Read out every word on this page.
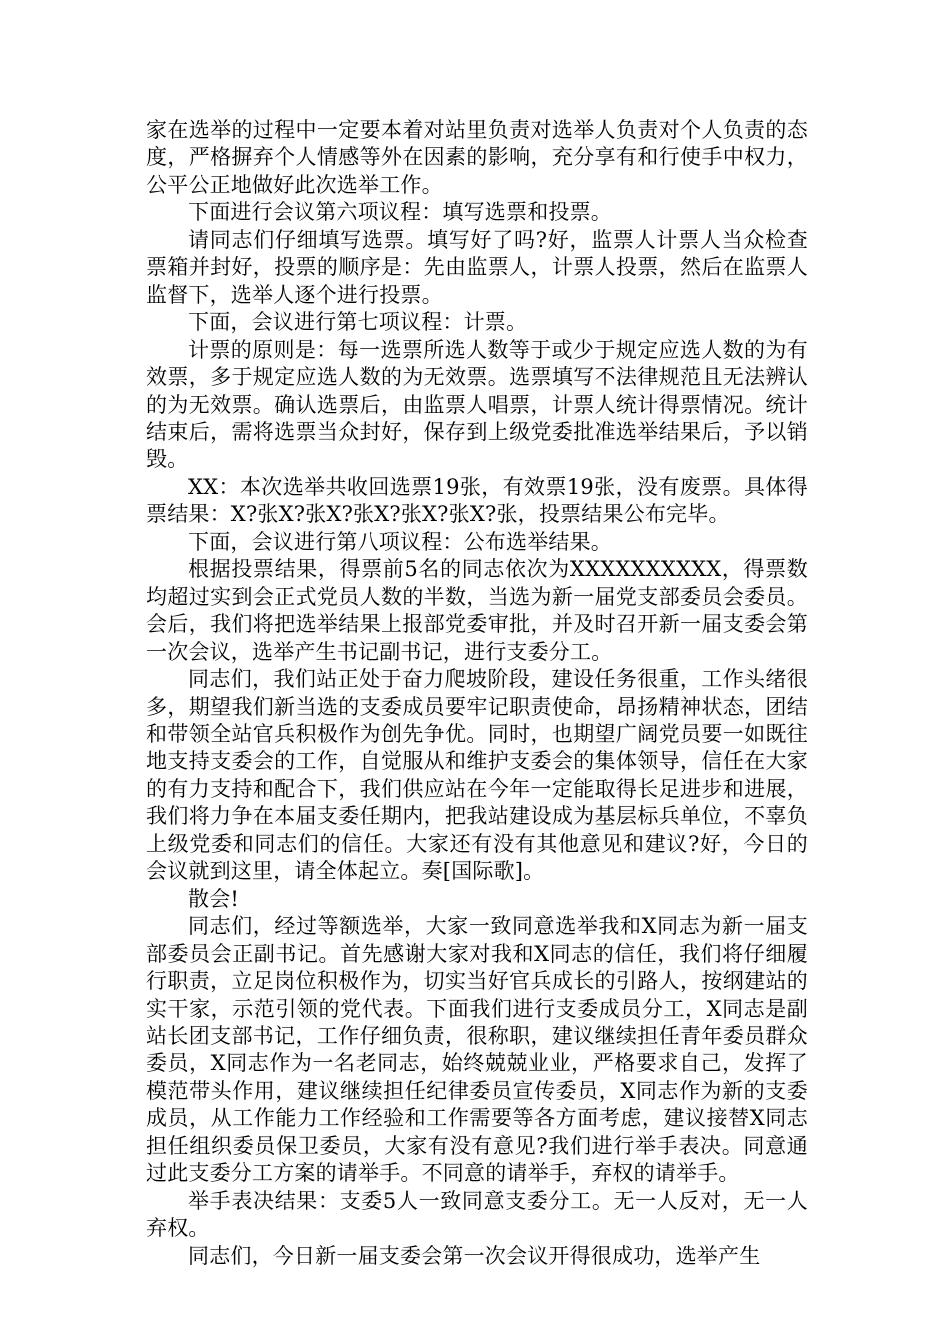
家在选举的过程中一定要本着对站里负责对选举人负责对个人负责的态度，严格摒弃个人情感等外在因素的影响，充分享有和行使手中权力，公平公正地做好此次选举工作。

下面进行会议第六项议程：填写选票和投票。

请同志们仔细填写选票。填写好了吗?好，监票人计票人当众检查票箱并封好，投票的顺序是：先由监票人，计票人投票，然后在监票人监督下，选举人逐个进行投票。

下面，会议进行第七项议程：计票。

计票的原则是：每一选票所选人数等于或少于规定应选人数的为有效票，多于规定应选人数的为无效票。选票填写不法律规范且无法辨认的为无效票。确认选票后，由监票人唱票，计票人统计得票情况。统计结束后，需将选票当众封好，保存到上级党委批准选举结果后，予以销毁。

XX：本次选举共收回选票19张，有效票19张，没有废票。具体得票结果：X?张X?张X?张X?张X?张X?张，投票结果公布完毕。

下面，会议进行第八项议程：公布选举结果。

根据投票结果，得票前5名的同志依次为XXXXXXXXXX，得票数均超过实到会正式党员人数的半数，当选为新一届党支部委员会委员。会后，我们将把选举结果上报部党委审批，并及时召开新一届支委会第一次会议，选举产生书记副书记，进行支委分工。

同志们，我们站正处于奋力爬坡阶段，建设任务很重，工作头绪很多，期望我们新当选的支委成员要牢记职责使命，昂扬精神状态，团结和带领全站官兵积极作为创先争优。同时，也期望广阔党员要一如既往地支持支委会的工作，自觉服从和维护支委会的集体领导，信任在大家的有力支持和配合下，我们供应站在今年一定能取得长足进步和进展，我们将力争在本届支委任期内，把我站建设成为基层标兵单位，不辜负上级党委和同志们的信任。大家还有没有其他意见和建议?好，今日的会议就到这里，请全体起立。奏[国际歌]。

散会!

同志们，经过等额选举，大家一致同意选举我和X同志为新一届支部委员会正副书记。首先感谢大家对我和X同志的信任，我们将仔细履行职责，立足岗位积极作为，切实当好官兵成长的引路人，按纲建站的实干家，示范引领的党代表。下面我们进行支委成员分工，X同志是副站长团支部书记，工作仔细负责，很称职，建议继续担任青年委员群众委员，X同志作为一名老同志，始终兢兢业业，严格要求自己，发挥了模范带头作用，建议继续担任纪律委员宣传委员，X同志作为新的支委成员，从工作能力工作经验和工作需要等各方面考虑，建议接替X同志担任组织委员保卫委员，大家有没有意见?我们进行举手表决。同意通过此支委分工方案的请举手。不同意的请举手，弃权的请举手。

举手表决结果：支委5人一致同意支委分工。无一人反对，无一人弃权。

同志们，今日新一届支委会第一次会议开得很成功，选举产生
